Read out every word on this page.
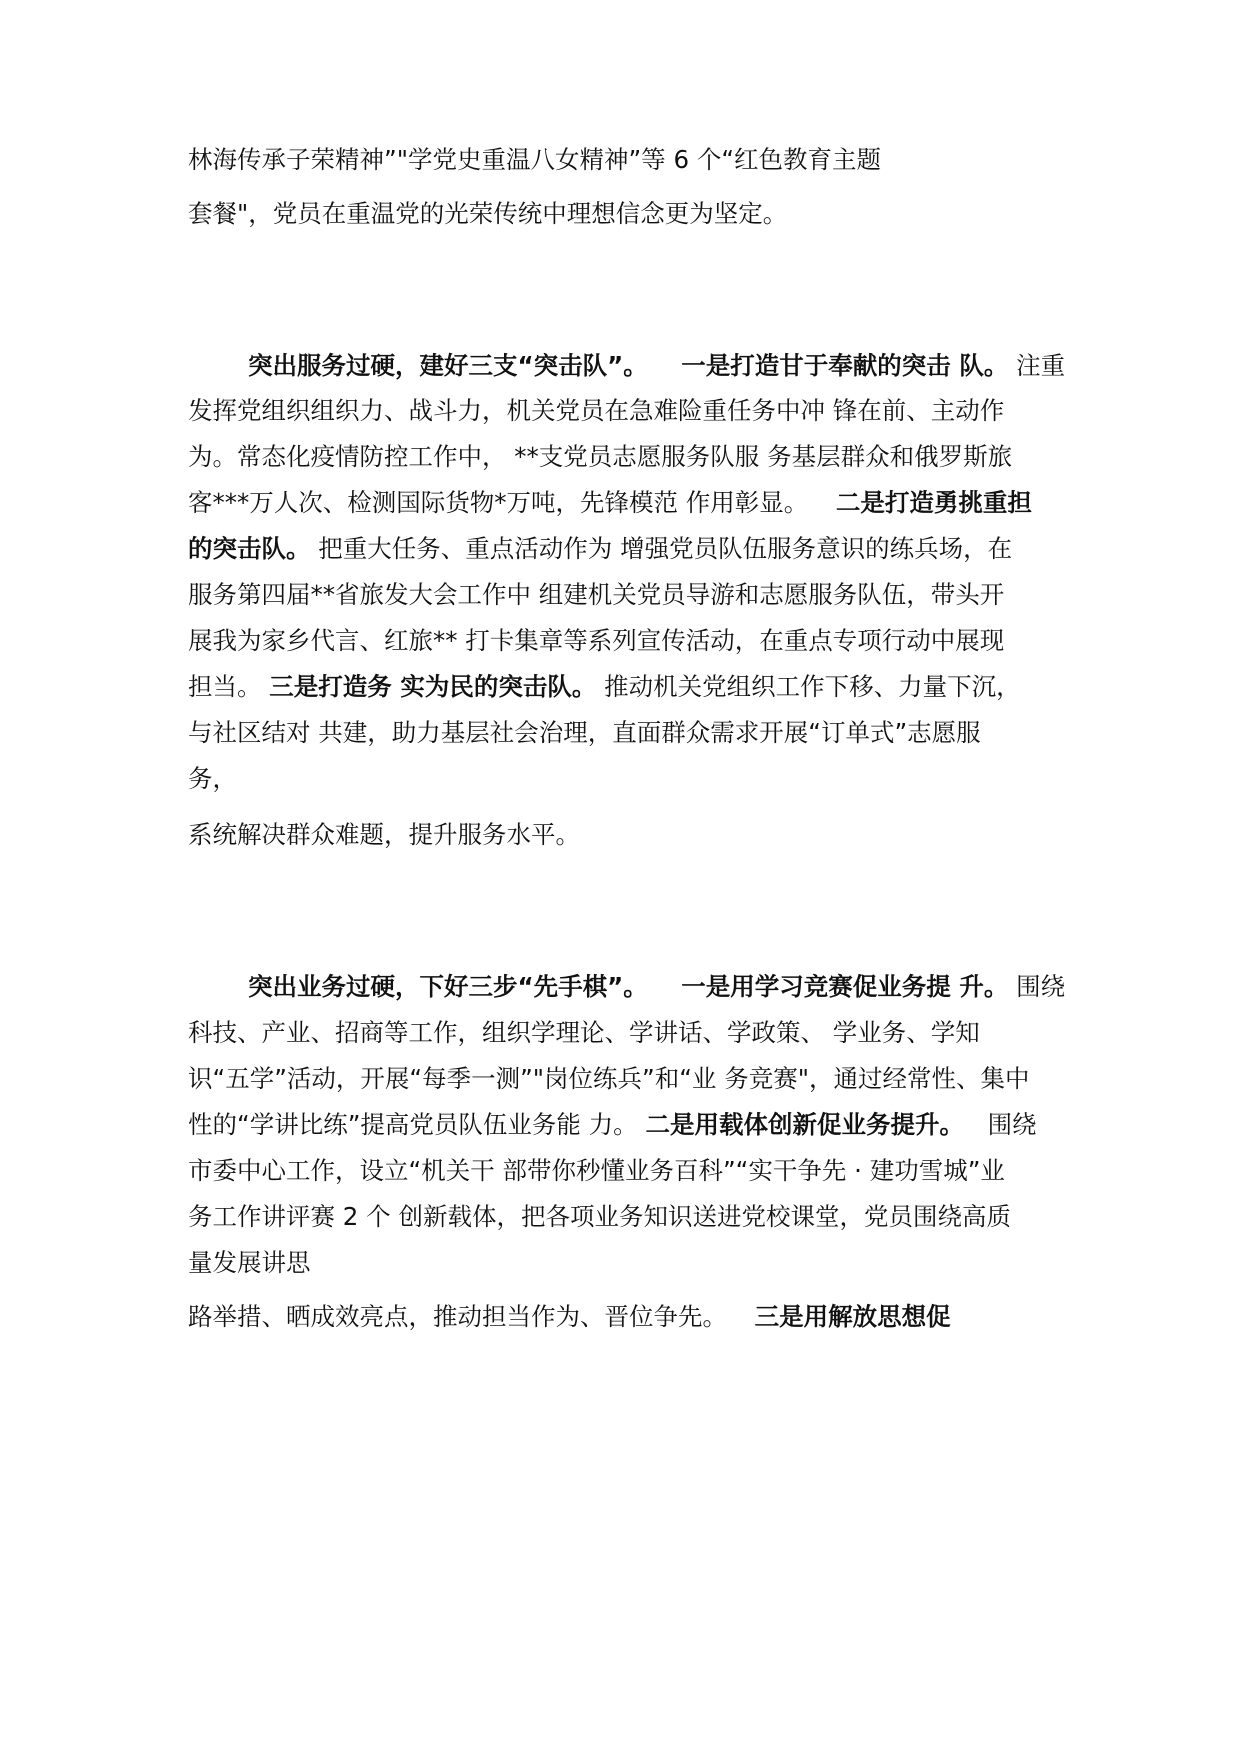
林海传承子荣精神”"学党史重温八女精神”等 6 个“红色教育主题
套餐"，党员在重温党的光荣传统中理想信念更为坚定。
突出服务过硬，建好三支“突击队”。 一是打造甘于奉献的突击 队。 注重
发挥党组织组织力、战斗力，机关党员在急难险重任务中冲 锋在前、主动作
为。常态化疫情防控工作中， **支党员志愿服务队服 务基层群众和俄罗斯旅
客***万人次、检测国际货物*万吨，先锋模范 作用彰显。 二是打造勇挑重担
的突击队。 把重大任务、重点活动作为 增强党员队伍服务意识的练兵场，在
服务第四届**省旅发大会工作中 组建机关党员导游和志愿服务队伍，带头开
展我为家乡代言、红旅** 打卡集章等系列宣传活动，在重点专项行动中展现
担当。 三是打造务 实为民的突击队。 推动机关党组织工作下移、力量下沉，
与社区结对 共建，助力基层社会治理，直面群众需求开展“订单式”志愿服
务，
系统解决群众难题，提升服务水平。
突出业务过硬，下好三步“先手棋”。 一是用学习竞赛促业务提 升。 围绕
科技、产业、招商等工作，组织学理论、学讲话、学政策、 学业务、学知
识“五学”活动，开展“每季一测”"岗位练兵”和“业 务竞赛"，通过经常性、集中
性的“学讲比练”提高党员队伍业务能 力。 二是用载体创新促业务提升。 围绕
市委中心工作，设立“机关干 部带你秒懂业务百科”“实干争先 · 建功雪城”业
务工作讲评赛 2 个 创新载体，把各项业务知识送进党校课堂，党员围绕高质
量发展讲思
路举措、晒成效亮点，推动担当作为、晋位争先。 三是用解放思想促
